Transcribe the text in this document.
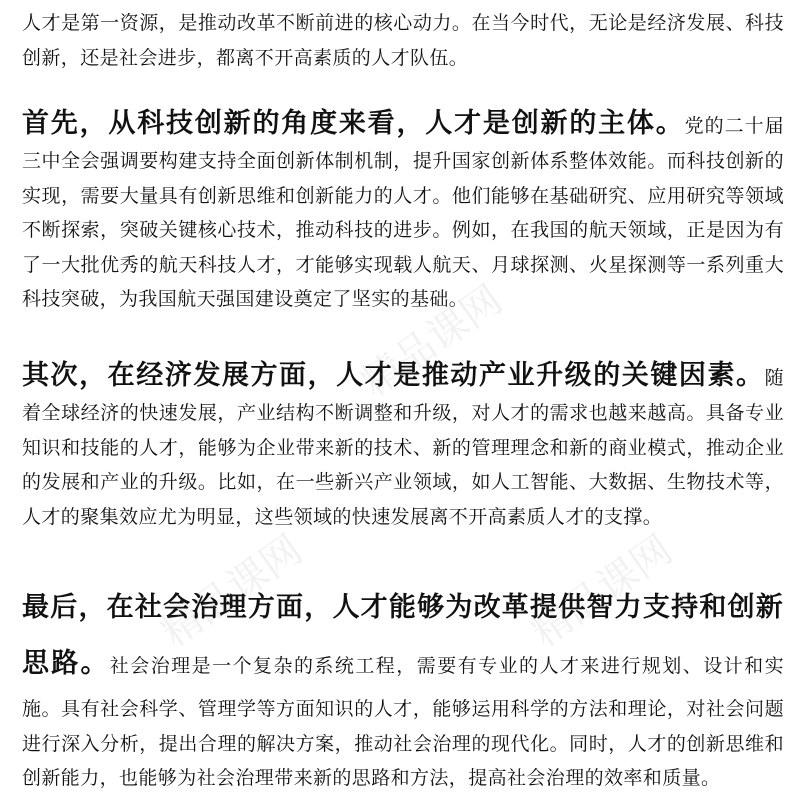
人才是第一资源，是推动改革不断前进的核心动力。在当今时代，无论是经济发展、科技创新，还是社会进步，都离不开高素质的人才队伍。

首先，从科技创新的角度来看，人才是创新的主体。党的二十届三中全会强调要构建支持全面创新体制机制，提升国家创新体系整体效能。而科技创新的实现，需要大量具有创新思维和创新能力的人才。他们能够在基础研究、应用研究等领域不断探索，突破关键核心技术，推动科技的进步。例如，在我国的航天领域，正是因为有了一大批优秀的航天科技人才，才能够实现载人航天、月球探测、火星探测等一系列重大科技突破，为我国航天强国建设奠定了坚实的基础。

其次，在经济发展方面，人才是推动产业升级的关键因素。随着全球经济的快速发展，产业结构不断调整和升级，对人才的需求也越来越高。具备专业知识和技能的人才，能够为企业带来新的技术、新的管理理念和新的商业模式，推动企业的发展和产业的升级。比如，在一些新兴产业领域，如人工智能、大数据、生物技术等，人才的聚集效应尤为明显，这些领域的快速发展离不开高素质人才的支撑。

最后，在社会治理方面，人才能够为改革提供智力支持和创新思路。社会治理是一个复杂的系统工程，需要有专业的人才来进行规划、设计和实施。具有社会科学、管理学等方面知识的人才，能够运用科学的方法和理论，对社会问题进行深入分析，提出合理的解决方案，推动社会治理的现代化。同时，人才的创新思维和创新能力，也能够为社会治理带来新的思路和方法，提高社会治理的效率和质量。

精品课网
精品课网	精品课网
